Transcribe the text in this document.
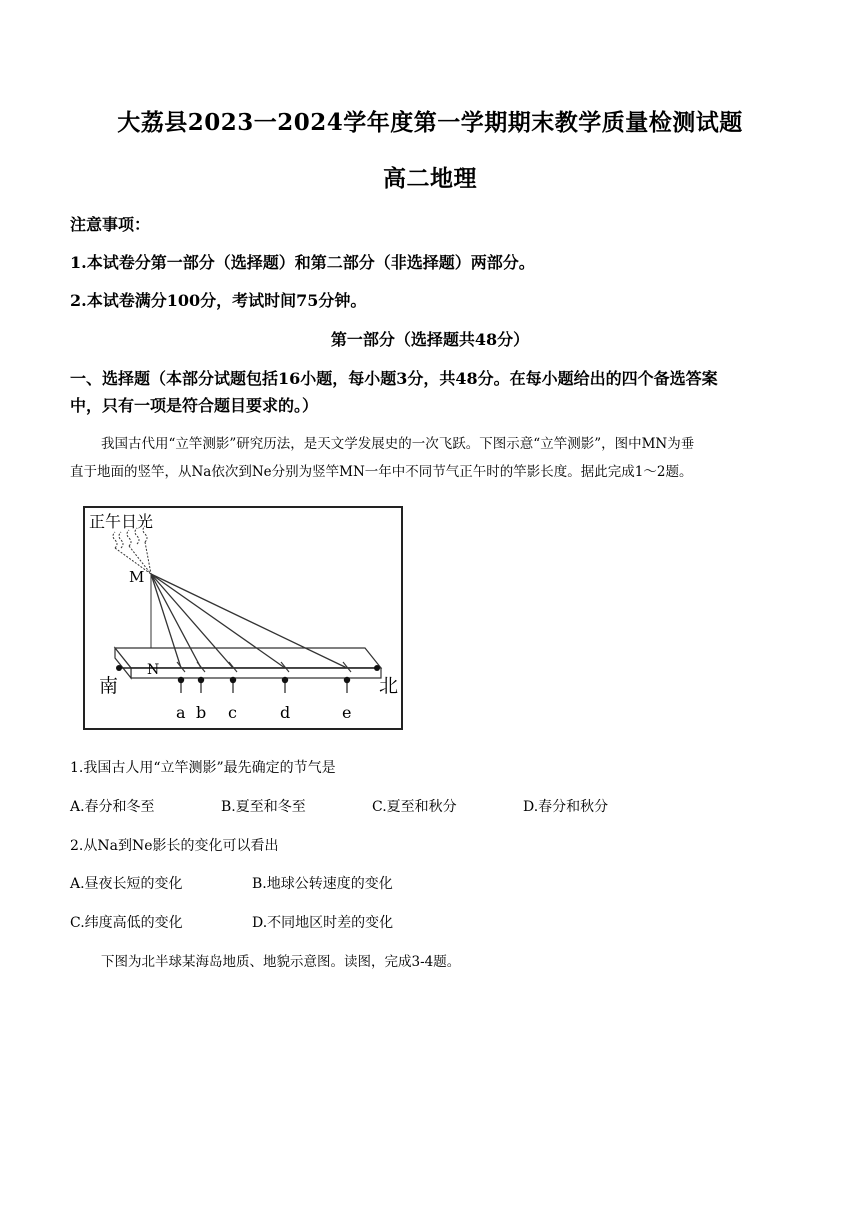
大荔县2023一2024学年度第一学期期末教学质量检测试题
高二地理
注意事项：
1.本试卷分第一部分（选择题）和第二部分（非选择题）两部分。
2.本试卷满分100分，考试时间75分钟。
第一部分（选择题共48分）
一、选择题（本部分试题包括16小题，每小题3分，共48分。在每小题给出的四个备选答案
中，只有一项是符合题目要求的。）
我国古代用“立竿测影”研究历法，是天文学发展史的一次飞跃。下图示意“立竿测影”，图中MN为垂
直于地面的竖竿，从Na依次到Ne分别为竖竿MN一年中不同节气正午时的竿影长度。据此完成1～2题。
正午日光
M
N
南	北
a b c	d	e
1.我国古人用“立竿测影”最先确定的节气是
A.春分和冬至	B.夏至和冬至	C.夏至和秋分	D.春分和秋分
2.从Na到Ne影长的变化可以看出
A.昼夜长短的变化	B.地球公转速度的变化
C.纬度高低的变化	D.不同地区时差的变化
下图为北半球某海岛地质、地貌示意图。读图，完成3-4题。
